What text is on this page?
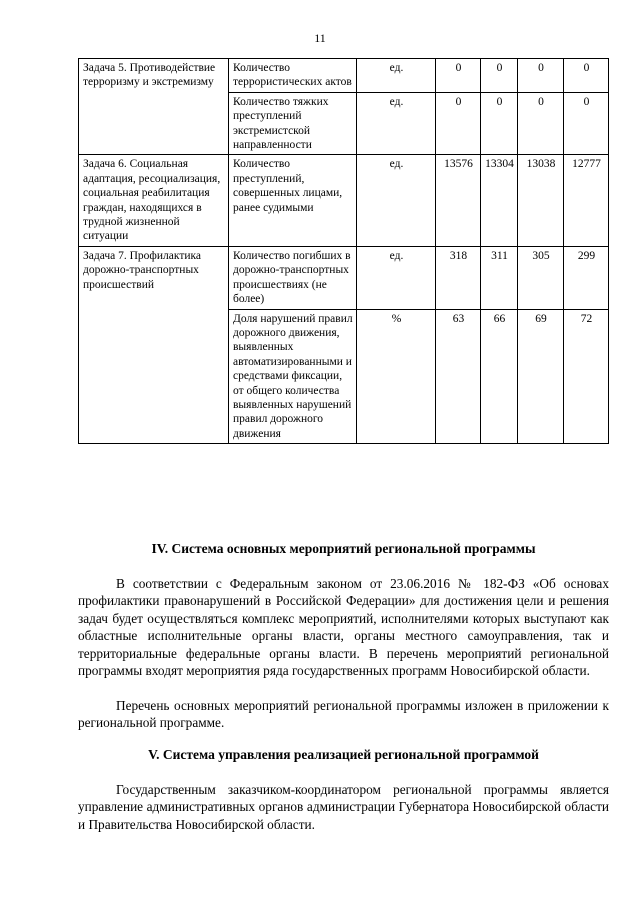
11
Задача 5. Противодействие терроризму и экстремизму	Количество террористических актов	ед.	0	0	0	0
	Количество тяжких преступлений экстремистской направленности	ед.	0	0	0	0
Задача 6. Социальная адаптация, ресоциализация, социальная реабилитация граждан, находящихся в трудной жизненной ситуации	Количество преступлений, совершенных лицами, ранее судимыми	ед.	13576	13304	13038	12777
Задача 7. Профилактика дорожно-транспортных происшествий	Количество погибших в дорожно-транспортных происшествиях (не более)	ед.	318	311	305	299
	Доля нарушений правил дорожного движения, выявленных автоматизированными и средствами фиксации, от общего количества выявленных нарушений правил дорожного движения	%	63	66	69	72
IV. Система основных мероприятий региональной программы

В соответствии с Федеральным законом от 23.06.2016 № 182-ФЗ «Об основах профилактики правонарушений в Российской Федерации» для достижения цели и решения задач будет осуществляться комплекс мероприятий, исполнителями которых выступают как областные исполнительные органы власти, органы местного самоуправления, так и территориальные федеральные органы власти. В перечень мероприятий региональной программы входят мероприятия ряда государственных программ Новосибирской области.

Перечень основных мероприятий региональной программы изложен в приложении к региональной программе.

V. Система управления реализацией региональной программой

Государственным заказчиком-координатором региональной программы является управление административных органов администрации Губернатора Новосибирской области и Правительства Новосибирской области.
